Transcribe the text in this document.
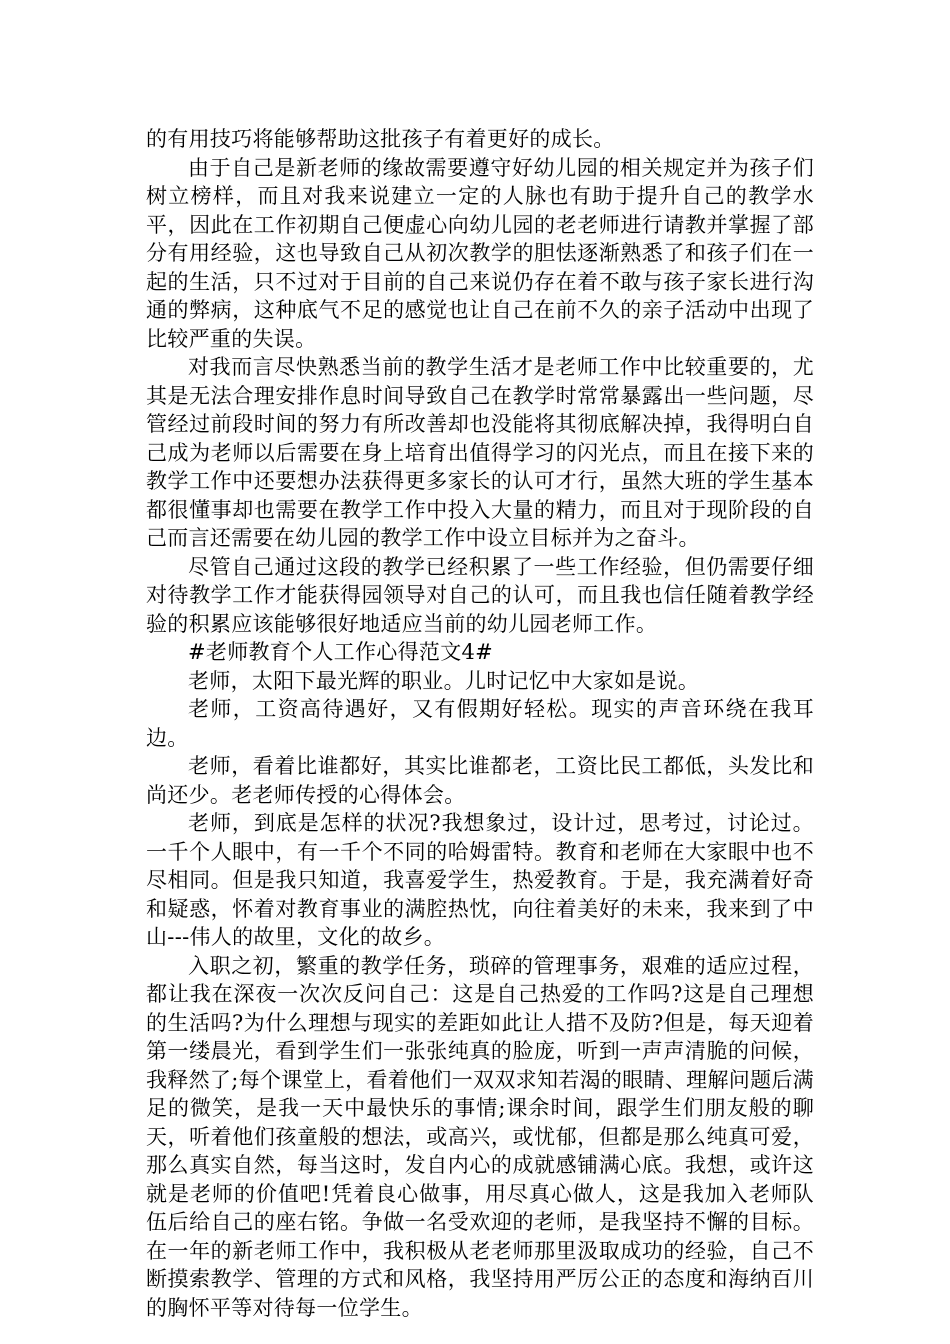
的有用技巧将能够帮助这批孩子有着更好的成长。

由于自己是新老师的缘故需要遵守好幼儿园的相关规定并为孩子们树立榜样，而且对我来说建立一定的人脉也有助于提升自己的教学水平，因此在工作初期自己便虚心向幼儿园的老老师进行请教并掌握了部分有用经验，这也导致自己从初次教学的胆怯逐渐熟悉了和孩子们在一起的生活，只不过对于目前的自己来说仍存在着不敢与孩子家长进行沟通的弊病，这种底气不足的感觉也让自己在前不久的亲子活动中出现了比较严重的失误。

对我而言尽快熟悉当前的教学生活才是老师工作中比较重要的，尤其是无法合理安排作息时间导致自己在教学时常常暴露出一些问题，尽管经过前段时间的努力有所改善却也没能将其彻底解决掉，我得明白自己成为老师以后需要在身上培育出值得学习的闪光点，而且在接下来的教学工作中还要想办法获得更多家长的认可才行，虽然大班的学生基本都很懂事却也需要在教学工作中投入大量的精力，而且对于现阶段的自己而言还需要在幼儿园的教学工作中设立目标并为之奋斗。

尽管自己通过这段的教学已经积累了一些工作经验，但仍需要仔细对待教学工作才能获得园领导对自己的认可，而且我也信任随着教学经验的积累应该能够很好地适应当前的幼儿园老师工作。

#老师教育个人工作心得范文4#

老师，太阳下最光辉的职业。儿时记忆中大家如是说。

老师，工资高待遇好，又有假期好轻松。现实的声音环绕在我耳边。

老师，看着比谁都好，其实比谁都老，工资比民工都低，头发比和尚还少。老老师传授的心得体会。

老师，到底是怎样的状况?我想象过，设计过，思考过，讨论过。一千个人眼中，有一千个不同的哈姆雷特。教育和老师在大家眼中也不尽相同。但是我只知道，我喜爱学生，热爱教育。于是，我充满着好奇和疑惑，怀着对教育事业的满腔热忱，向往着美好的未来，我来到了中山---伟人的故里，文化的故乡。

入职之初，繁重的教学任务，琐碎的管理事务，艰难的适应过程，都让我在深夜一次次反问自己：这是自己热爱的工作吗?这是自己理想的生活吗?为什么理想与现实的差距如此让人措不及防?但是，每天迎着第一缕晨光，看到学生们一张张纯真的脸庞，听到一声声清脆的问候，我释然了;每个课堂上，看着他们一双双求知若渴的眼睛、理解问题后满足的微笑，是我一天中最快乐的事情;课余时间，跟学生们朋友般的聊天，听着他们孩童般的想法，或高兴，或忧郁，但都是那么纯真可爱，那么真实自然，每当这时，发自内心的成就感铺满心底。我想，或许这就是老师的价值吧!凭着良心做事，用尽真心做人，这是我加入老师队伍后给自己的座右铭。争做一名受欢迎的老师，是我坚持不懈的目标。在一年的新老师工作中，我积极从老老师那里汲取成功的经验，自己不断摸索教学、管理的方式和风格，我坚持用严厉公正的态度和海纳百川的胸怀平等对待每一位学生。
